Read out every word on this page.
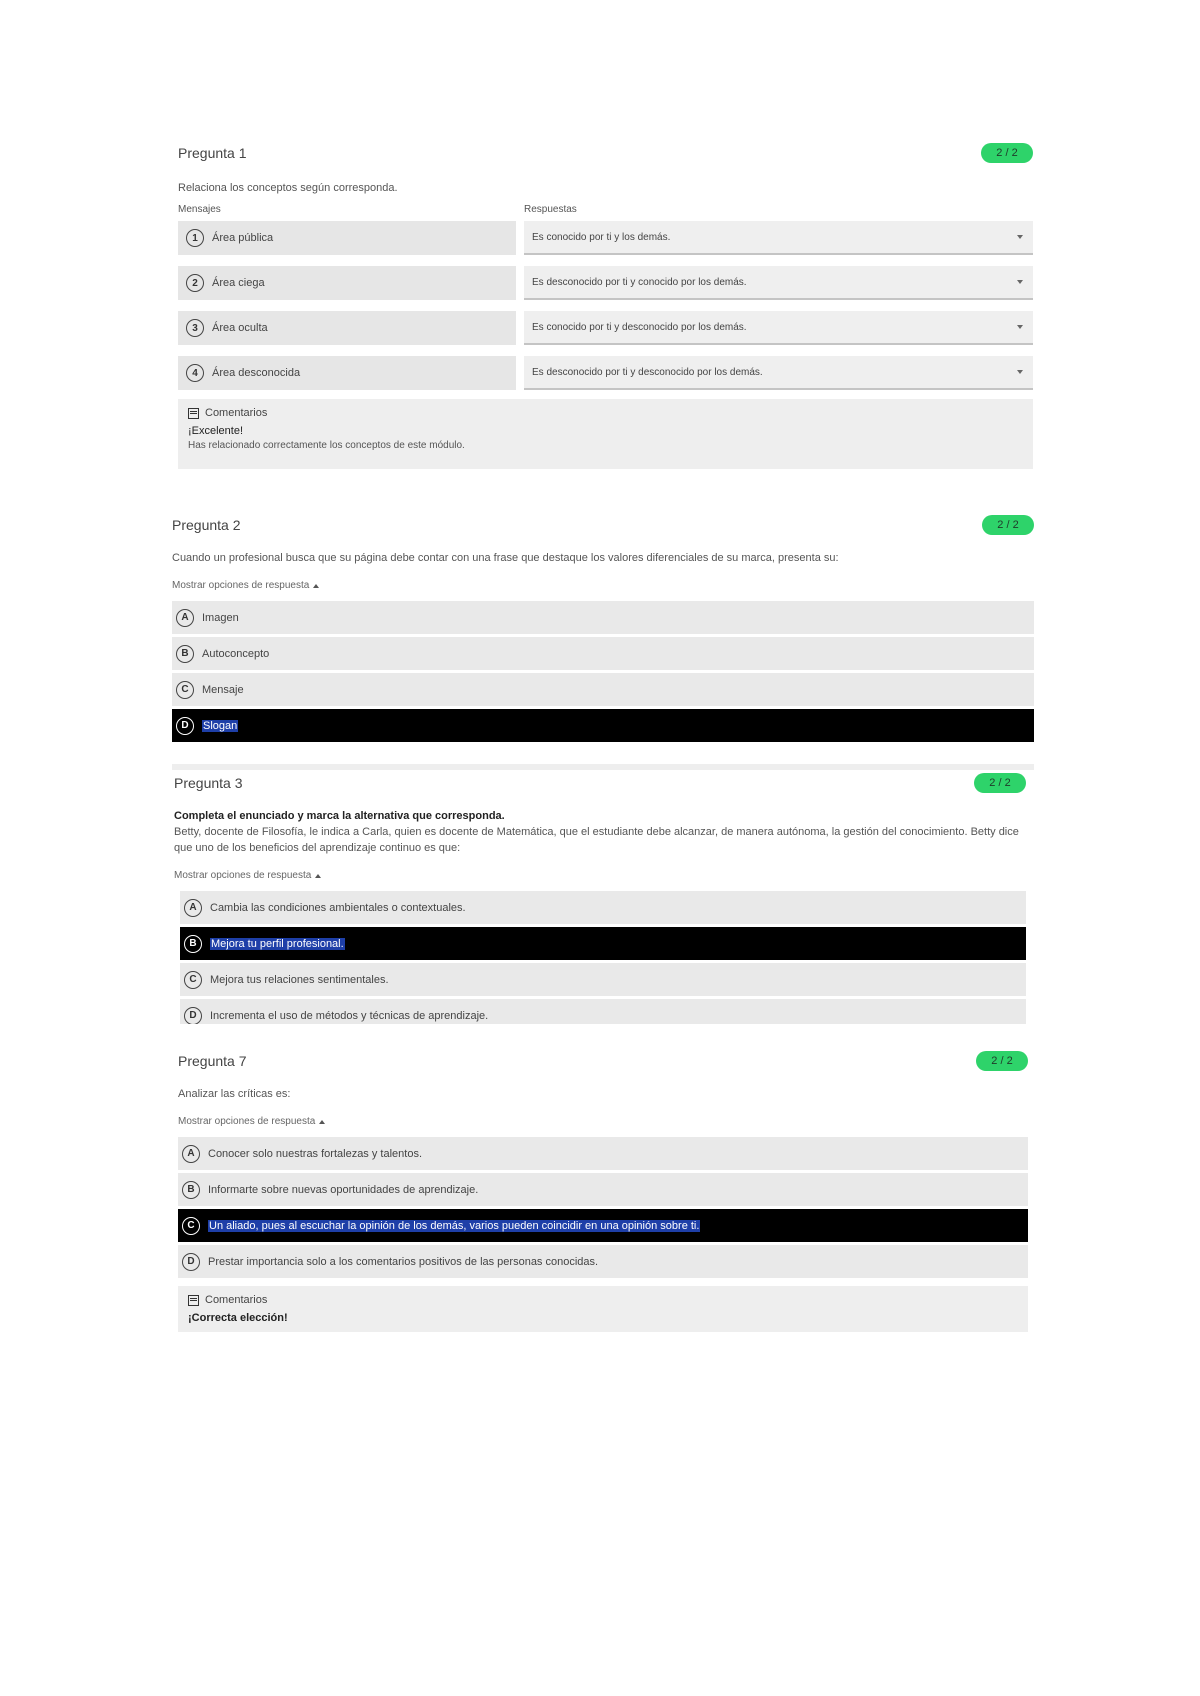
Pregunta 1	2 / 2
Relaciona los conceptos según corresponda.
Mensajes	Respuestas
1	Área pública	Es conocido por ti y los demás.
2	Área ciega	Es desconocido por ti y conocido por los demás.
3	Área oculta	Es conocido por ti y desconocido por los demás.
4	Área desconocida	Es desconocido por ti y desconocido por los demás.
Comentarios
¡Excelente!
Has relacionado correctamente los conceptos de este módulo.
Pregunta 2	2 / 2
Cuando un profesional busca que su página debe contar con una frase que destaque los valores diferenciales de su marca, presenta su:
Mostrar opciones de respuesta
A	Imagen
B	Autoconcepto
C	Mensaje
D	Slogan
Pregunta 3	2 / 2
Completa el enunciado y marca la alternativa que corresponda.
Betty, docente de Filosofía, le indica a Carla, quien es docente de Matemática, que el estudiante debe alcanzar, de manera autónoma, la gestión del conocimiento. Betty dice que uno de los beneficios del aprendizaje continuo es que:
Mostrar opciones de respuesta
A	Cambia las condiciones ambientales o contextuales.
B	Mejora tu perfil profesional.
C	Mejora tus relaciones sentimentales.
D	Incrementa el uso de métodos y técnicas de aprendizaje.
Pregunta 7	2 / 2
Analizar las críticas es:
Mostrar opciones de respuesta
A	Conocer solo nuestras fortalezas y talentos.
B	Informarte sobre nuevas oportunidades de aprendizaje.
C	Un aliado, pues al escuchar la opinión de los demás, varios pueden coincidir en una opinión sobre ti.
D	Prestar importancia solo a los comentarios positivos de las personas conocidas.
Comentarios
¡Correcta elección!
